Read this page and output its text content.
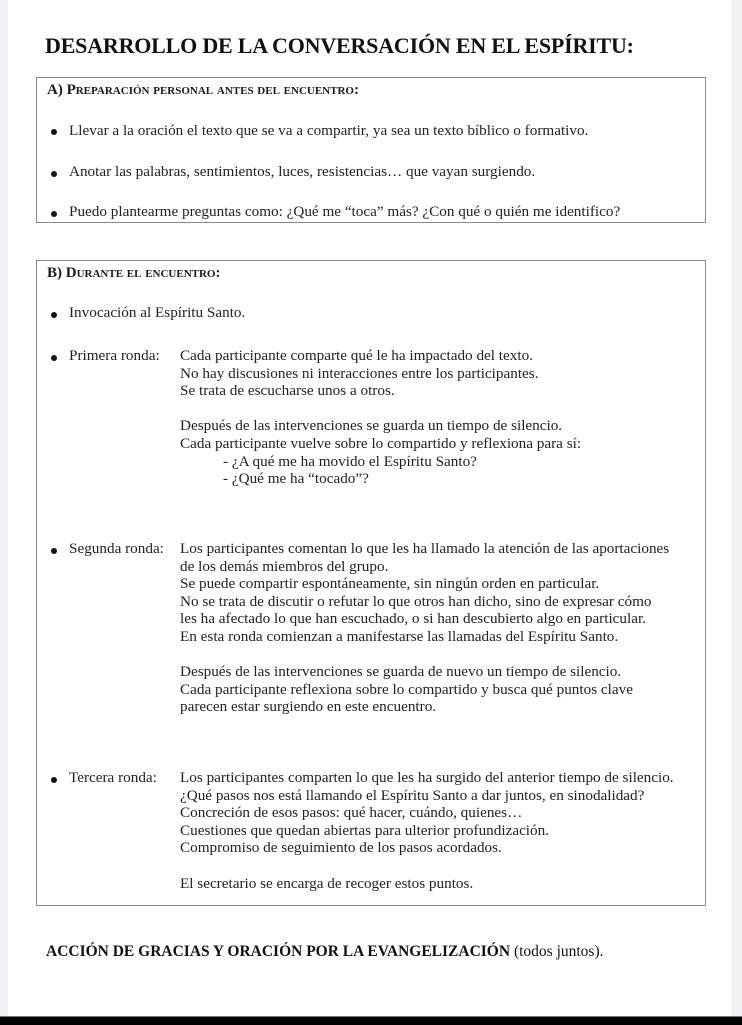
DESARROLLO DE LA CONVERSACIÓN EN EL ESPÍRITU:
A) Preparación personal antes del encuentro:
Llevar a la oración el texto que se va a compartir, ya sea un texto bíblico o formativo.
Anotar las palabras, sentimientos, luces, resistencias… que vayan surgiendo.
Puedo plantearme preguntas como: ¿Qué me “toca” más? ¿Con qué o quién me identifico?
B) Durante el encuentro:
Invocación al Espíritu Santo.
Primera ronda: Cada participante comparte qué le ha impactado del texto.
No hay discusiones ni interacciones entre los participantes.
Se trata de escucharse unos a otros.
Después de las intervenciones se guarda un tiempo de silencio.
Cada participante vuelve sobre lo compartido y reflexiona para sí:
- ¿A qué me ha movido el Espíritu Santo?
- ¿Qué me ha “tocado”?
Segunda ronda: Los participantes comentan lo que les ha llamado la atención de las aportaciones
de los demás miembros del grupo.
Se puede compartir espontáneamente, sin ningún orden en particular.
No se trata de discutir o refutar lo que otros han dicho, sino de expresar cómo
les ha afectado lo que han escuchado, o si han descubierto algo en particular.
En esta ronda comienzan a manifestarse las llamadas del Espíritu Santo.
Después de las intervenciones se guarda de nuevo un tiempo de silencio.
Cada participante reflexiona sobre lo compartido y busca qué puntos clave
parecen estar surgiendo en este encuentro.
Tercera ronda: Los participantes comparten lo que les ha surgido del anterior tiempo de silencio.
¿Qué pasos nos está llamando el Espíritu Santo a dar juntos, en sinodalidad?
Concreción de esos pasos: qué hacer, cuándo, quienes…
Cuestiones que quedan abiertas para ulterior profundización.
Compromiso de seguimiento de los pasos acordados.
El secretario se encarga de recoger estos puntos.
ACCIÓN DE GRACIAS Y ORACIÓN POR LA EVANGELIZACIÓN (todos juntos).
